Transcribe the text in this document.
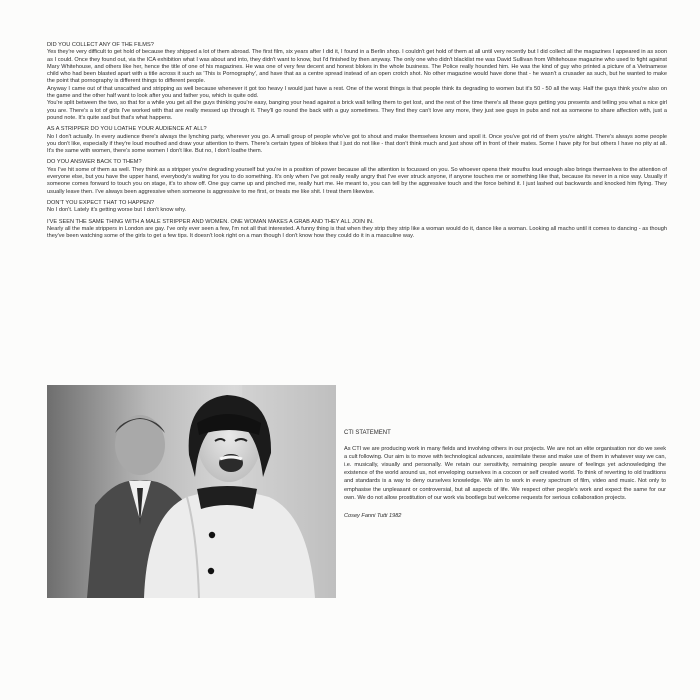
DID YOU COLLECT ANY OF THE FILMS?

Yes they're very difficult to get hold of because they shipped a lot of them abroad. The first film, six years after I did it, I found in a Berlin shop. I couldn't get hold of them at all until very recently but I did collect all the magazines I appeared in as soon as I could. Once they found out, via the ICA exhibition what I was about and into, they didn't want to know, but I'd finished by then anyway. The only one who didn't blacklist me was David Sullivan from Whitehouse magazine who used to fight against Mary Whitehouse, and others like her, hence the title of one of his magazines. He was one of very few decent and honest blokes in the whole business. The Police really hounded him. He was the kind of guy who printed a picture of a Vietnamese child who had been blasted apart with a title across it such as 'This is Pornography', and have that as a centre spread instead of an open crotch shot. No other magazine would have done that - he wasn't a crusader as such, but he wanted to make the point that pornography is different things to different people.

Anyway I came out of that unscathed and stripping as well because whenever it got too heavy I would just have a rest. One of the worst things is that people think its degrading to women but it's 50 - 50 all the way. Half the guys think you're also on the game and the other half want to look after you and father you, which is quite odd.

You're split between the two, so that for a while you get all the guys thinking you're easy, banging your head against a brick wall telling them to get lost, and the rest of the time there's all these guys getting you presents and telling you what a nice girl you are. There's a lot of girls I've worked with that are really messed up through it. They'll go round the back with a guy sometimes. They find they can't love any more, they just see guys in pubs and not as someone to share affection with, just a pound note. It's quite sad but that's what happens.

AS A STRIPPER DO YOU LOATHE YOUR AUDIENCE AT ALL?

No I don't actually. In every audience there's always the lynching party, wherever you go. A small group of people who've got to shout and make themselves known and spoil it. Once you've got rid of them you're alright. There's always some people you don't like, especially if they're loud mouthed and draw your attention to them. There's certain types of blokes that I just do not like - that don't think much and just show off in front of their mates. Some I have pity for but others I have no pity at all. It's the same with women, there's some women I don't like. But no, I don't loathe them.

DO YOU ANSWER BACK TO THEM?

Yes I've hit some of them as well. They think as a stripper you're degrading yourself but you're in a position of power because all the attention is focussed on you. So whoever opens their mouths loud enough also brings themselves to the attention of everyone else, but you have the upper hand, everybody's waiting for you to do something. It's only when I've got really really angry that I've ever struck anyone, if anyone touches me or something like that, because its never in a nice way. Usually if someone comes forward to touch you on stage, it's to show off. One guy came up and pinched me, really hurt me. He meant to, you can tell by the aggressive touch and the force behind it. I just lashed out backwards and knocked him flying. They usually leave then. I've always been aggressive when someone is aggressive to me first, or treats me like shit. I treat them likewise.

DON'T YOU EXPECT THAT TO HAPPEN?

No I don't. Lately it's getting worse but I don't know why.

I'VE SEEN THE SAME THING WITH A MALE STRIPPER AND WOMEN. ONE WOMAN MAKES A GRAB AND THEY ALL JOIN IN.

Nearly all the male strippers in London are gay. I've only ever seen a few, I'm not all that interested. A funny thing is that when they strip they strip like a woman would do it, dance like a woman. Looking all macho until it comes to dancing - as though they've been watching some of the girls to get a few tips. It doesn't look right on a man though I don't know how they could do it in a masculine way.

CTI STATEMENT

As CTI we are producing work in many fields and involving others in our projects. We are not an elite organisation nor do we seek a cult following. Our aim is to move with technological advances, assimilate these and make use of them in whatever way we can, i.e. musically, visually and personally. We retain our sensitivity, remaining people aware of feelings yet acknowledging the existence of the world around us, not enveloping ourselves in a cocoon or self created world. To think of reverting to old traditions and standards is a way to deny ourselves knowledge. We aim to work in every spectrum of film, video and music. Not only to emphasise the unpleasant or controversial, but all aspects of life. We respect other people's work and expect the same for our own. We do not allow prostitution of our work via bootlegs but welcome requests for serious collaboration projects.

Cosey Fanni Tutti 1982
